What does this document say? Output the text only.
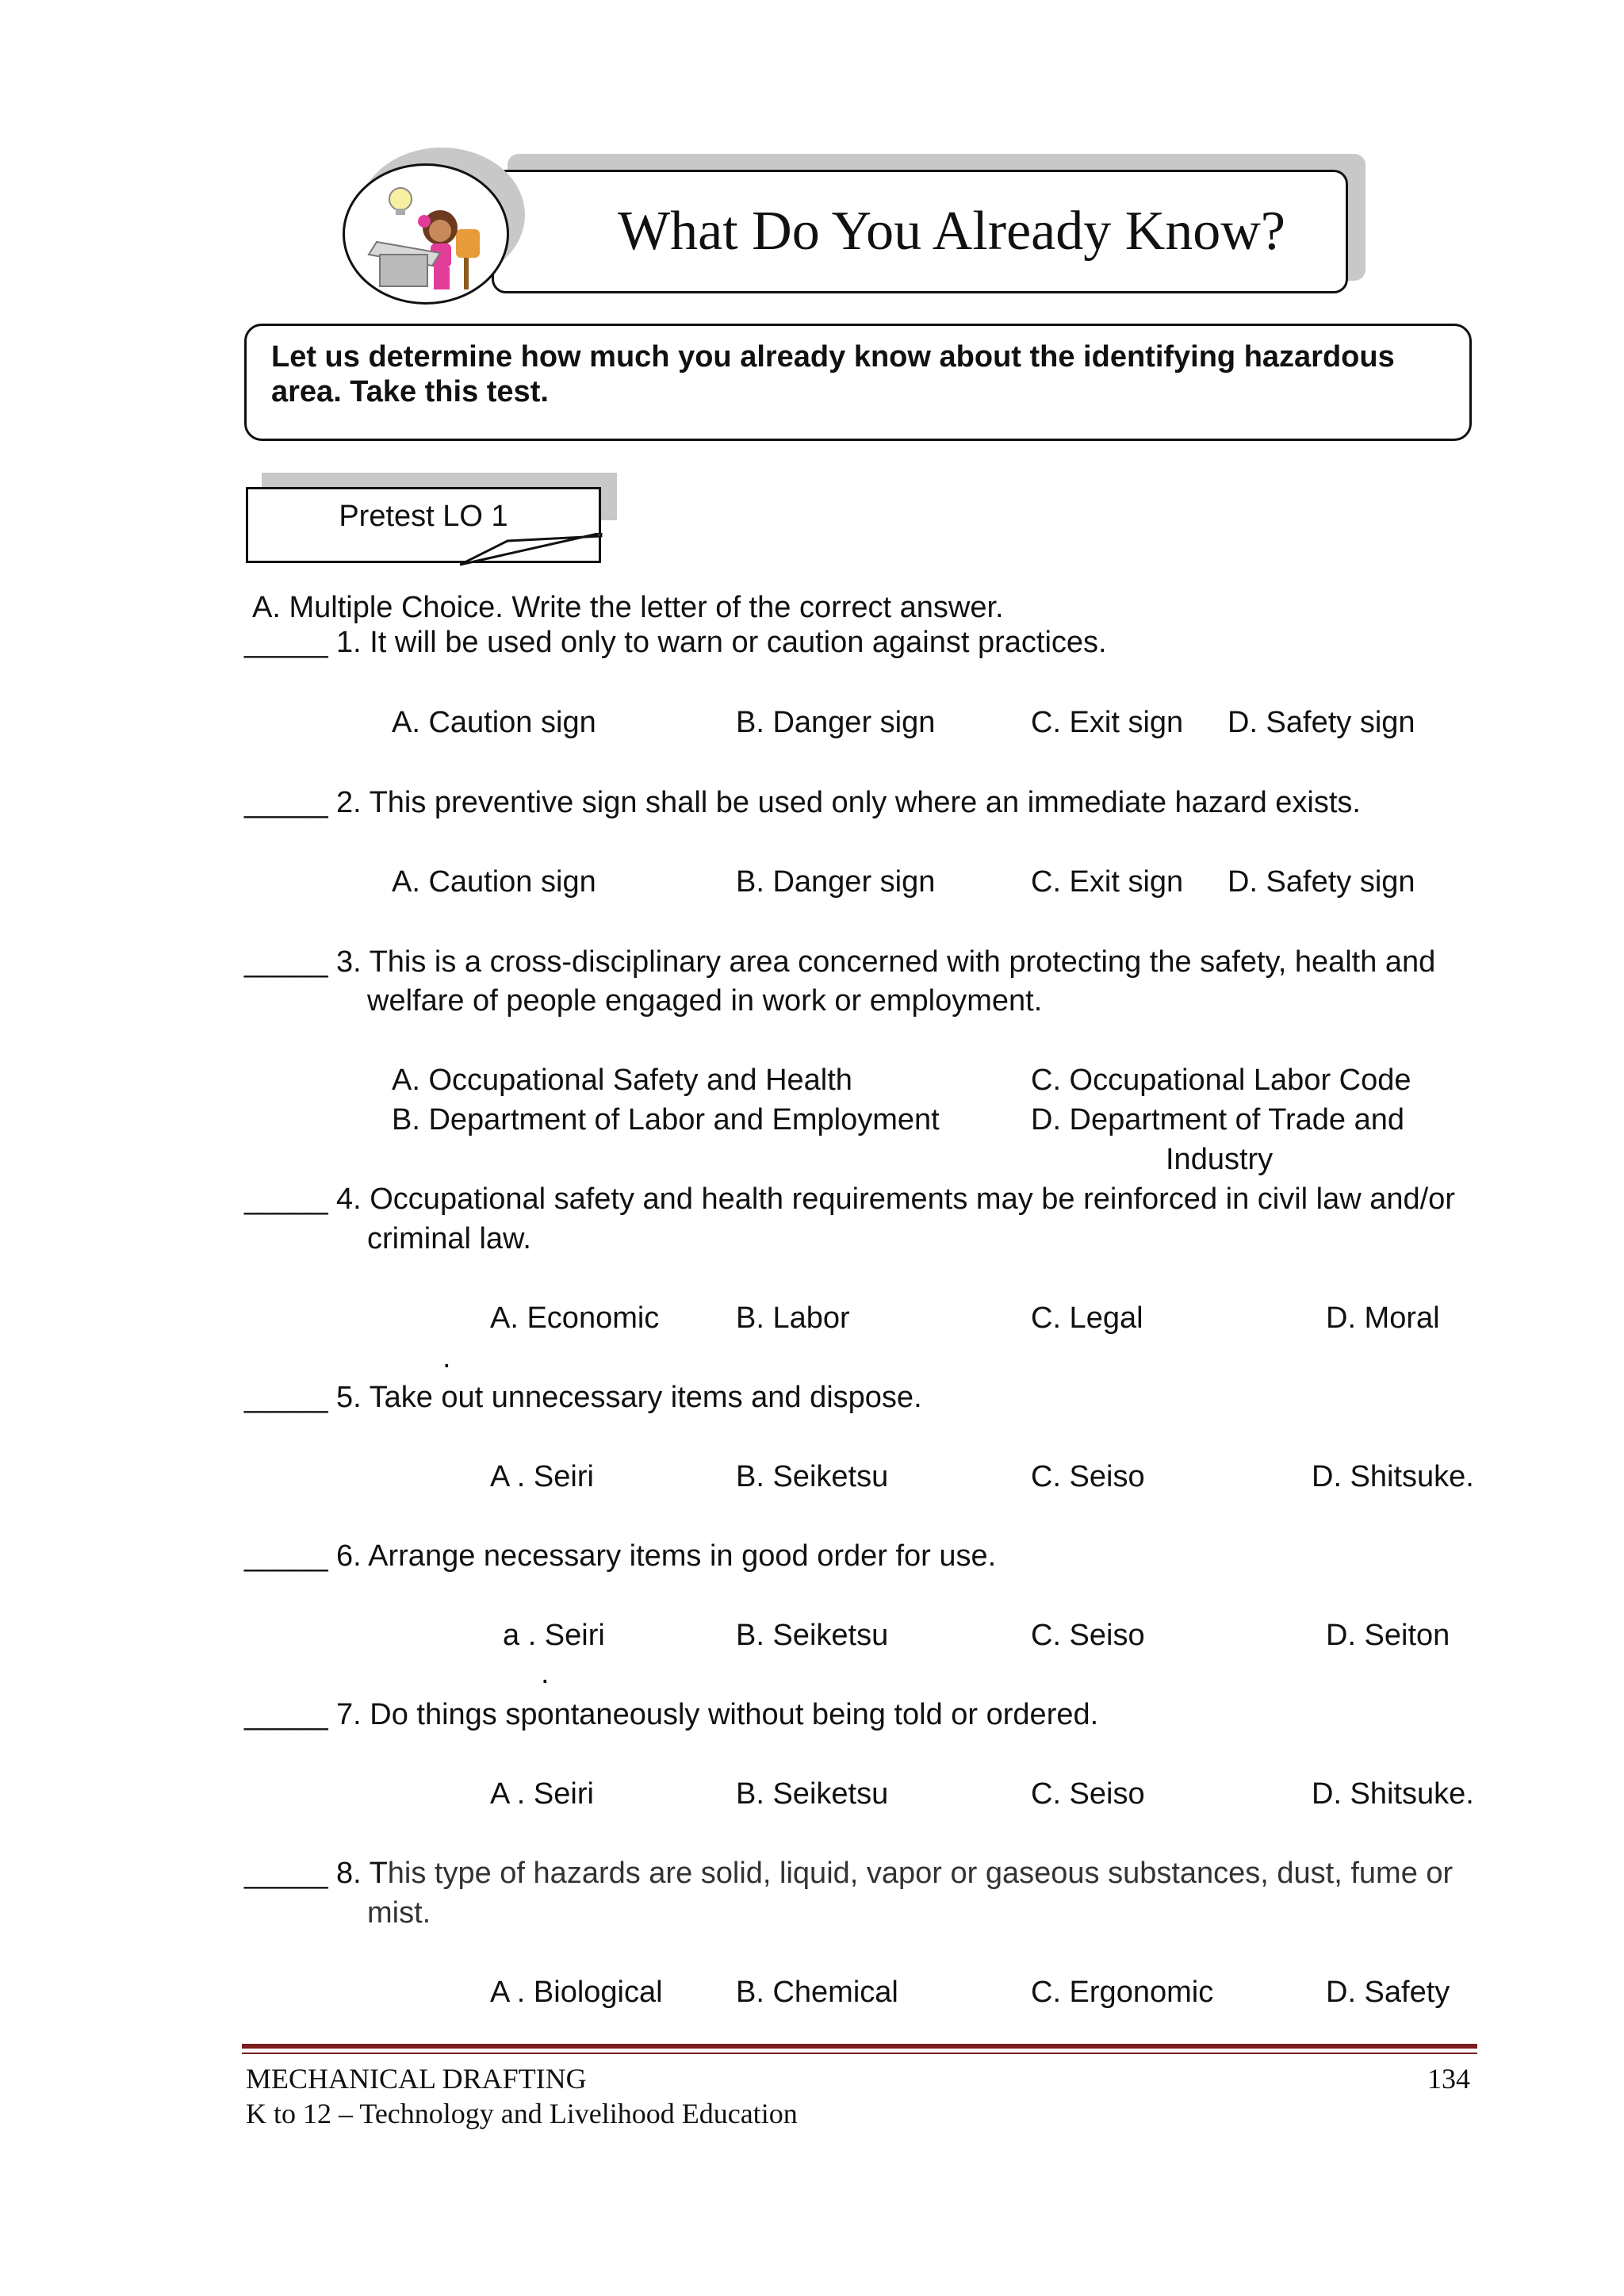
What Do You Already Know?
Let us determine how much you already know about the identifying hazardous
area. Take this test.
Pretest LO 1
A. Multiple Choice. Write the letter of the correct answer.
_____ 1. It will be used only to warn or caution against practices.
A. Caution sign	B. Danger sign	C. Exit sign D. Safety sign
_____ 2. This preventive sign shall be used only where an immediate hazard exists.
A. Caution sign	B. Danger sign	C. Exit sign D. Safety sign
_____ 3. This is a cross-disciplinary area concerned with protecting the safety, health and
welfare of people engaged in work or employment.
A. Occupational Safety and Health
B. Department of Labor and Employment
C. Occupational Labor Code
D. Department of Trade and
Industry
_____ 4. Occupational safety and health requirements may be reinforced in civil law and/or
criminal law.
A. Economic	B. Labor	C. Legal	D. Moral
.
_____ 5. Take out unnecessary items and dispose.
A . Seiri	B. Seiketsu	C. Seiso	D. Shitsuke.
_____ 6. Arrange necessary items in good order for use.
a . Seiri	B. Seiketsu	C. Seiso	D. Seiton
.
_____ 7. Do things spontaneously without being told or ordered.
A . Seiri	B. Seiketsu	C. Seiso	D. Shitsuke.
_____ 8. This type of hazards are solid, liquid, vapor or gaseous substances, dust, fume or
mist.
A . Biological B. Chemical	C. Ergonomic	D. Safety
MECHANICAL DRAFTING	134
K to 12 – Technology and Livelihood Education
